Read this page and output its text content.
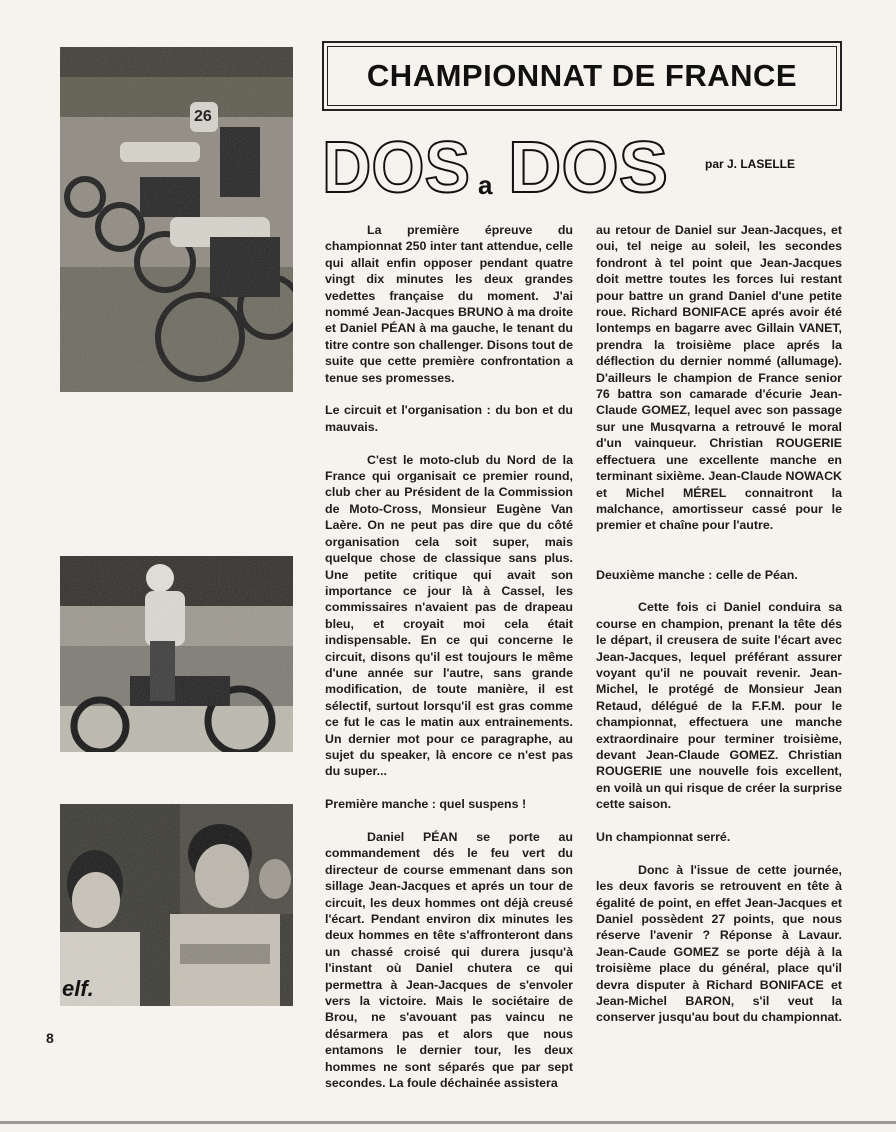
elf.
CHAMPIONNAT DE FRANCE
DOS a DOS	par J. LASELLE

La première épreuve du championnat 250 inter tant attendue, celle qui allait enfin opposer pendant quatre vingt dix minutes les deux grandes vedettes française du moment. J'ai nommé Jean-Jacques BRUNO à ma droite et Daniel PÉAN à ma gauche, le tenant du titre contre son challenger. Disons tout de suite que cette première confrontation a tenue ses promesses.

Le circuit et l'organisation : du bon et du mauvais.

C'est le moto-club du Nord de la France qui organisait ce premier round, club cher au Président de la Commission de Moto-Cross, Monsieur Eugène Van Laère. On ne peut pas dire que du côté organisation cela soit super, mais quelque chose de classique sans plus. Une petite critique qui avait son importance ce jour là à Cassel, les commissaires n'avaient pas de drapeau bleu, et croyait moi cela était indispensable. En ce qui concerne le circuit, disons qu'il est toujours le même d'une année sur l'autre, sans grande modification, de toute manière, il est sélectif, surtout lorsqu'il est gras comme ce fut le cas le matin aux entrainements. Un dernier mot pour ce paragraphe, au sujet du speaker, là encore ce n'est pas du super...

Première manche : quel suspens !

Daniel PÉAN se porte au commandement dés le feu vert du directeur de course emmenant dans son sillage Jean-Jacques et aprés un tour de circuit, les deux hommes ont déjà creusé l'écart. Pendant environ dix minutes les deux hommes en tête s'affronteront dans un chassé croisé qui durera jusqu'à l'instant où Daniel chutera ce qui permettra à Jean-Jacques de s'envoler vers la victoire. Mais le sociétaire de Brou, ne s'avouant pas vaincu ne désarmera pas et alors que nous entamons le dernier tour, les deux hommes ne sont séparés que par sept secondes. La foule déchainée assistera

au retour de Daniel sur Jean-Jacques, et oui, tel neige au soleil, les secondes fondront à tel point que Jean-Jacques doit mettre toutes les forces lui restant pour battre un grand Daniel d'une petite roue. Richard BONIFACE aprés avoir été lontemps en bagarre avec Gillain VANET, prendra la troisième place aprés la déflection du dernier nommé (allumage). D'ailleurs le champion de France senior 76 battra son camarade d'écurie Jean-Claude GOMEZ, lequel avec son passage sur une Musqvarna a retrouvé le moral d'un vainqueur. Christian ROUGERIE effectuera une excellente manche en terminant sixième. Jean-Claude NOWACK et Michel MÉREL connaitront la malchance, amortisseur cassé pour le premier et chaîne pour l'autre.

Deuxième manche : celle de Péan.

Cette fois ci Daniel conduira sa course en champion, prenant la tête dés le départ, il creusera de suite l'écart avec Jean-Jacques, lequel préférant assurer voyant qu'il ne pouvait revenir. Jean-Michel, le protégé de Monsieur Jean Retaud, délégué de la F.F.M. pour le championnat, effectuera une manche extraordinaire pour terminer troisième, devant Jean-Claude GOMEZ. Christian ROUGERIE une nouvelle fois excellent, en voilà un qui risque de créer la surprise cette saison.

Un championnat serré.

Donc à l'issue de cette journée, les deux favoris se retrouvent en tête à égalité de point, en effet Jean-Jacques et Daniel possèdent 27 points, que nous réserve l'avenir ? Réponse à Lavaur. Jean-Caude GOMEZ se porte déjà à la troisième place du général, place qu'il devra disputer à Richard BONIFACE et Jean-Michel BARON, s'il veut la conserver jusqu'au bout du championnat.

8
